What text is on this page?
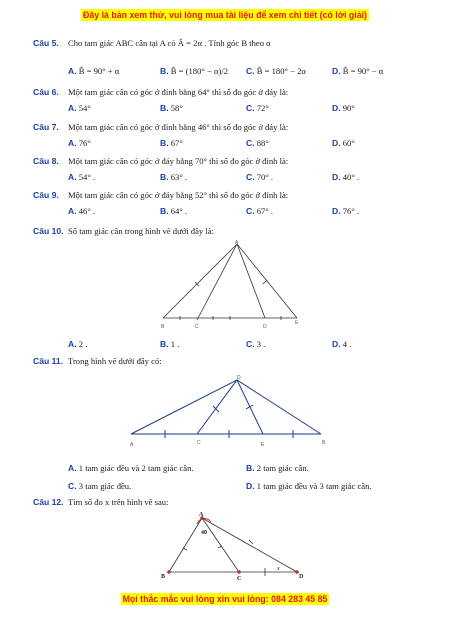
Đây là bản xem thử, vui lòng mua tài liệu để xem chi tiết (có lời giải)
Câu 5. Cho tam giác ABC cân tại A có Â = 2α . Tính góc B theo α
A. B̂ = 90° + α	B. B̂ = (180° − α)/2 C. B̂ = 180° − 2α	D. B̂ = 90° − α
Câu 6. Một tam giác cân có góc ở đỉnh bằng 64° thì số đo góc ở đáy là:
A. 54°	B. 58°	C. 72°	D. 90°
Câu 7. Một tam giác cân có góc ở đỉnh bằng 46° thì số đo góc ở đáy là:
A. 76°	B. 67°	C. 88°	D. 60°
Câu 8. Một tam giác cân có góc ở đáy bằng 70° thì số đo góc ở đỉnh là:
A. 54° .	B. 63° .	C. 70° .	D. 40° .
Câu 9. Một tam giác cân có góc ở đáy bằng 52° thì số đo góc ở đỉnh là:
A. 46° .	B. 64° .	C. 67° .	D. 76° .
Câu 10. Số tam giác cân trong hình vẽ dưới đây là:
A
B	C	D
E
A. 2 .	B. 1 .	C. 3 .	D. 4 .
Câu 11. Trong hình vẽ dưới đây có:
D
A	C	E	B
A. 1 tam giác đều và 2 tam giác cân.	B. 2 tam giác cân.
C. 3 tam giác đều.	D. 1 tam giác đều và 3 tam giác cân.
Câu 12. Tìm số đo x trên hình vẽ sau:
A
B	C	D
40
x
Mọi thắc mắc vui lòng xin vui lòng: 084 283 45 85
